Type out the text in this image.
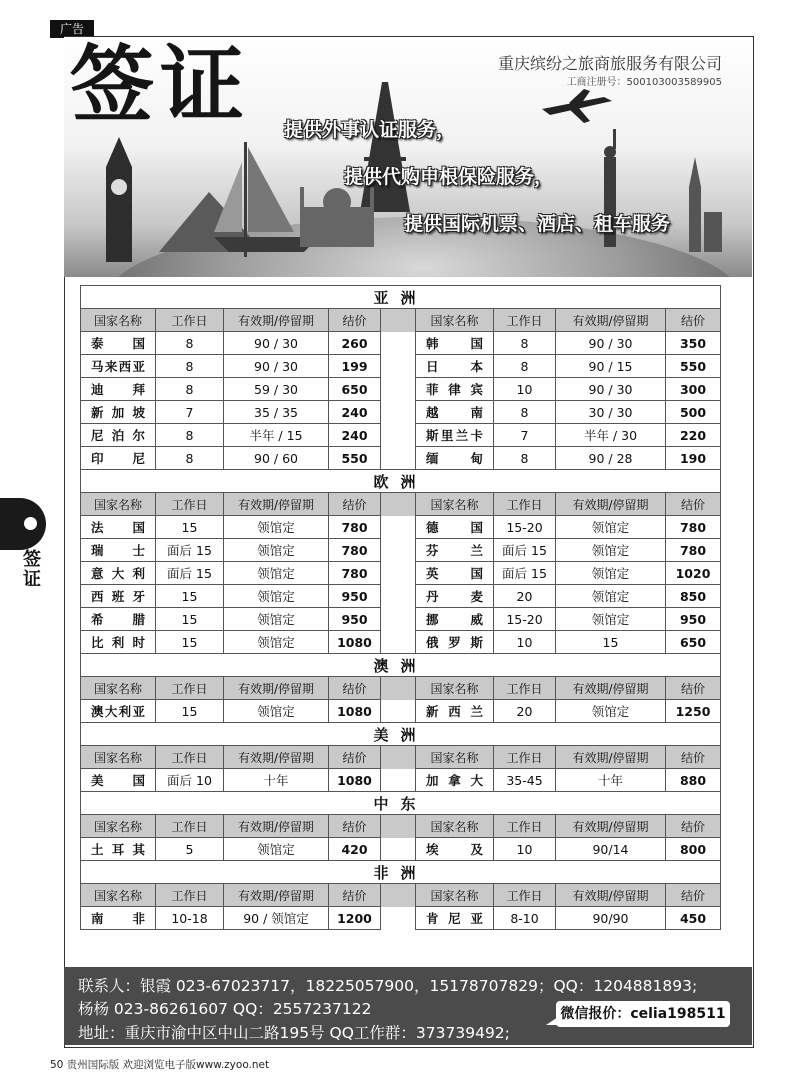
广告
签证	重庆缤纷之旅商旅服务有限公司
工商注册号：500103003589905
提供外事认证服务，
提供代购申根保险服务，
提供国际机票、酒店、租车服务
签证
亚洲								
国家名称	工作日	有效期/停留期	结价		国家名称	工作日	有效期/停留期	结价
泰国	8	90 / 30	260		韩国	8	90 / 30	350
马来西亚	8	90 / 30	199		日本	8	90 / 15	550
迪拜	8	59 / 30	650		菲律宾	10	90 / 30	300
新加坡	7	35 / 35	240		越南	8	30 / 30	500
尼泊尔	8	半年 / 15	240		斯里兰卡	7	半年 / 30	220
印尼	8	90 / 60	550		缅甸	8	90 / 28	190
欧洲								
国家名称	工作日	有效期/停留期	结价		国家名称	工作日	有效期/停留期	结价
法国	15	领馆定	780		德国	15-20	领馆定	780
瑞士	面后 15	领馆定	780		芬兰	面后 15	领馆定	780
意大利	面后 15	领馆定	780		英国	面后 15	领馆定	1020
西班牙	15	领馆定	950		丹麦	20	领馆定	850
希腊	15	领馆定	950		挪威	15-20	领馆定	950
比利时	15	领馆定	1080		俄罗斯	10	15	650
澳洲								
国家名称	工作日	有效期/停留期	结价		国家名称	工作日	有效期/停留期	结价
澳大利亚	15	领馆定	1080		新西兰	20	领馆定	1250
美洲								
国家名称	工作日	有效期/停留期	结价		国家名称	工作日	有效期/停留期	结价
美国	面后 10	十年	1080		加拿大	35-45	十年	880
中东								
国家名称	工作日	有效期/停留期	结价		国家名称	工作日	有效期/停留期	结价
土耳其	5	领馆定	420		埃及	10	90/14	800
非洲								
国家名称	工作日	有效期/停留期	结价		国家名称	工作日	有效期/停留期	结价
南非	10-18	90 / 领馆定	1200		肯尼亚	8-10	90/90	450
联系人：银霞 023-67023717，18225057900，15178707829；QQ：1204881893;
杨杨 023-86261607 QQ：2557237122
地址：重庆市渝中区中山二路195号 QQ工作群：373739492;
微信报价：celia198511
50 贵州国际版 欢迎浏览电子版www.zyoo.net
